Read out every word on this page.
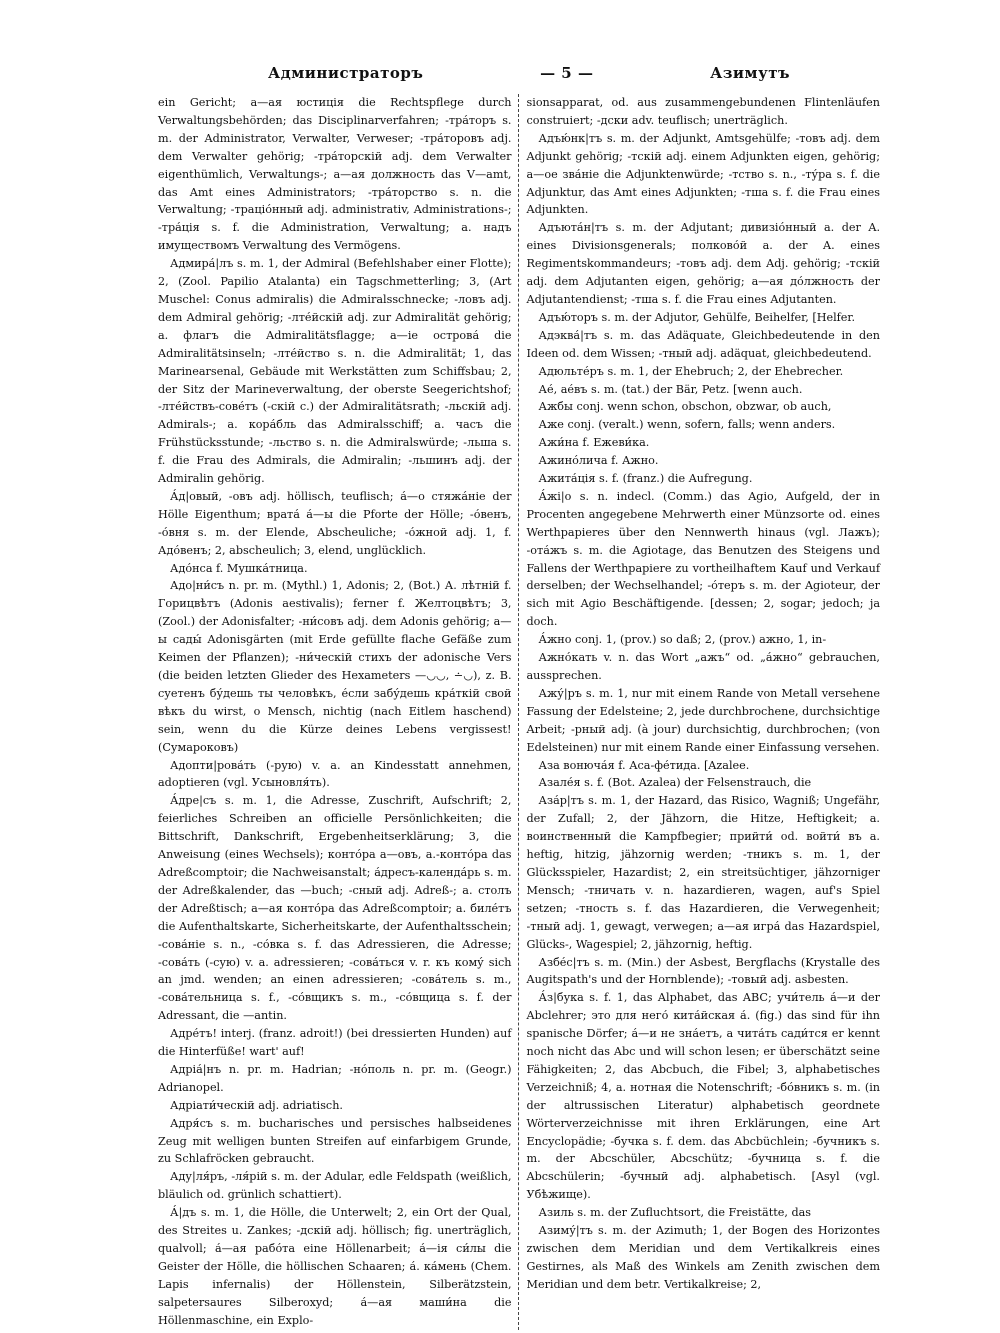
Администраторъ	— 5 —	Азимутъ
ein Gericht; а—ая юстиція die Rechtspflege durch Verwaltungsbehörden; das Disciplinarverfahren; -тра́торъ s. m. der Administrator, Verwalter, Verweser; -тра́торовъ adj. dem Verwalter gehörig; -тра́торскій adj. dem Verwalter eigenthümlich, Verwaltungs-; а—ая должность das V—amt, das Amt eines Administrators; -тра́торство s. n. die Verwaltung; -траціо́нный adj. administrativ, Administrations-; -тра́ція s. f. die Administration, Verwaltung; а. надъ имуществомъ Verwaltung des Vermögens.
Адмира́|лъ s. m. 1, der Admiral (Befehlshaber einer Flotte); 2, (Zool. Papilio Atalanta) ein Tagschmetterling; 3, (Art Muschel: Conus admiralis) die Admiralsschnecke; -ловъ adj. dem Admiral gehörig; -лте́йскій adj. zur Admiralität gehörig; а. флагъ die Admiralitätsflagge; а—іе острова́ die Admiralitätsinseln; -лте́йство s. n. die Admiralität; 1, das Marinearsenal, Gebäude mit Werkstätten zum Schiffsbau; 2, der Sitz der Marineverwaltung, der oberste Seegerichtshof; -лте́йствъ-сове́тъ (-скій с.) der Admiralitätsrath; -льскій adj. Admirals-; а. кора́бль das Admiralsschiff; а. часъ die Frühstücksstunde; -льство s. n. die Admiralswürde; -льша s. f. die Frau des Admirals, die Admiralin; -льшинъ adj. der Admiralin gehörig.
А́д|овый, -овъ adj. höllisch, teuflisch; а́—о стяжа́ніе der Hölle Eigenthum; врата́ а́—ы die Pforte der Hölle; -о́венъ, -о́вня s. m. der Elende, Abscheuliche; -о́жной adj. 1, f. Адо́венъ; 2, abscheulich; 3, elend, unglücklich.
Адо́нса f. Мушка́тница.
Адо|ни́съ n. pr. m. (Mythl.) 1, Adonis; 2, (Bot.) А. лѣтній f. Горицвѣтъ (Adonis aestivalis); ferner f. Желтоцвѣтъ; 3, (Zool.) der Adonisfalter; -ни́совъ adj. dem Adonis gehörig; а—ы сады́ Adonisgärten (mit Erde gefüllte flache Gefäße zum Keimen der Pflanzen); -ни́ческій стихъ der adonische Vers (die beiden letzten Glieder des Hexameters —◡◡, ∸◡), z. B. суетенъ бу́дешь ты человѣкъ, е́сли забу́дешь кра́ткій свой вѣкъ du wirst, o Mensch, nichtig (nach Eitlem haschend) sein, wenn du die Kürze deines Lebens vergissest! (Сумароковъ)
Адопти|рова́ть (-рую) v. a. an Kindesstatt annehmen, adoptieren (vgl. Усыновля́ть).
А́дре|съ s. m. 1, die Adresse, Zuschrift, Aufschrift; 2, feierliches Schreiben an officielle Persönlichkeiten; die Bittschrift, Dankschrift, Ergebenheitserklärung; 3, die Anweisung (eines Wechsels); конто́ра а—овъ, а.-конто́ра das Adreßcomptoir; die Nachweisanstalt; а́дресъ-календа́рь s. m. der Adreßkalender, das —buch; -сный adj. Adreß-; а. столъ der Adreßtisch; а—ая конто́ра das Adreßcomptoir; а. биле́тъ die Aufenthaltskarte, Sicherheitskarte, der Aufenthaltsschein; -сова́ніе s. n., -со́вка s. f. das Adressieren, die Adresse; -сова́ть (-сую) v. a. adressieren; -сова́ться v. r. къ кому́ sich an jmd. wenden; an einen adressieren; -сова́тель s. m., -сова́тельница s. f., -со́вщикъ s. m., -со́вщица s. f. der Adressant, die —antin.
Адре́тъ! interj. (franz. adroit!) (bei dressierten Hunden) auf die Hinterfüße! wart' auf!
Адріа́|нъ n. pr. m. Hadrian; -но́поль n. pr. m. (Geogr.) Adrianopel.
Адріати́ческій adj. adriatisch.
Адря́съ s. m. bucharisches und persisches halbseidenes Zeug mit welligen bunten Streifen auf einfarbigem Grunde, zu Schlafröcken gebraucht.
Аду|ля́ръ, -ля́рій s. m. der Adular, edle Feldspath (weißlich, bläulich od. grünlich schattiert).
А́|дъ s. m. 1, die Hölle, die Unterwelt; 2, ein Ort der Qual, des Streites u. Zankes; -дскій adj. höllisch; fig. unerträglich, qualvoll; а́—ая рабо́та eine Höllenarbeit; а́—ія си́лы die Geister der Hölle, die höllischen Schaaren; а́. ка́мень (Chem. Lapis infernalis) der Höllenstein, Silberätzstein, salpetersaures Silberoxyd; а́—ая маши́на die Höllenmaschine, ein Explo-
sionsapparat, od. aus zusammengebundenen Flintenläufen construiert; -дски adv. teuflisch; unerträglich.
Адъю́нк|тъ s. m. der Adjunkt, Amtsgehülfe; -товъ adj. dem Adjunkt gehörig; -тскій adj. einem Adjunkten eigen, gehörig; а—ое зва́ніе die Adjunktenwürde; -тство s. n., -ту́ра s. f. die Adjunktur, das Amt eines Adjunkten; -тша s. f. die Frau eines Adjunkten.
Адъюта́н|тъ s. m. der Adjutant; дивизіо́нный а. der A. eines Divisionsgenerals; полково́й а. der A. eines Regimentskommandeurs; -товъ adj. dem Adj. gehörig; -тскій adj. dem Adjutanten eigen, gehörig; а—ая до́лжность der Adjutantendienst; -тша s. f. die Frau eines Adjutanten.
Адъю́торъ s. m. der Adjutor, Gehülfe, Beihelfer, [Helfer.
Адэква́|тъ s. m. das Adäquate, Gleichbedeutende in den Ideen od. dem Wissen; -тный adj. adäquat, gleichbedeutend.
Адюльте́ръ s. m. 1, der Ehebruch; 2, der Ehebrecher.
Ае́, ае́въ s. m. (tat.) der Bär, Petz. [wenn auch.
Ажбы conj. wenn schon, obschon, obzwar, ob auch,
Аже conj. (veralt.) wenn, sofern, falls; wenn anders.
Ажи́на f. Ежеви́ка.
Ажино́лича f. Ажно.
Ажита́ція s. f. (franz.) die Aufregung.
А́жі|о s. n. indecl. (Comm.) das Agio, Aufgeld, der in Procenten angegebene Mehrwerth einer Münzsorte od. eines Werthpapieres über den Nennwerth hinaus (vgl. Лажъ); -ота́жъ s. m. die Agiotage, das Benutzen des Steigens und Fallens der Werthpapiere zu vortheilhaftem Kauf und Verkauf derselben; der Wechselhandel; -о́теръ s. m. der Agioteur, der sich mit Agio Beschäftigende. [dessen; 2, sogar; jedoch; ja doch.
А́жно conj. 1, (prov.) so daß; 2, (prov.) ажно, 1, in-
Ажно́кать v. n. das Wort „ажъ“ od. „а́жно“ gebrauchen, aussprechen.
Ажу́|ръ s. m. 1, nur mit einem Rande von Metall versehene Fassung der Edelsteine; 2, jede durchbrochene, durchsichtige Arbeit; -рный adj. (à jour) durchsichtig, durchbrochen; (von Edelsteinen) nur mit einem Rande einer Einfassung versehen.
Аза вонюча́я f. Аса-фе́тида. [Azalee.
Азале́я s. f. (Bot. Azalea) der Felsenstrauch, die
Аза́р|тъ s. m. 1, der Hazard, das Risico, Wagniß; Ungefähr, der Zufall; 2, der Jähzorn, die Hitze, Heftigkeit; а. воинственный die Kampfbegier; прийти́ od. войти́ въ а. heftig, hitzig, jähzornig werden; -тникъ s. m. 1, der Glücksspieler, Hazardist; 2, ein streitsüchtiger, jähzorniger Mensch; -тничать v. n. hazardieren, wagen, auf's Spiel setzen; -тность s. f. das Hazardieren, die Verwegenheit; -тный adj. 1, gewagt, verwegen; а—ая игра́ das Hazardspiel, Glücks-, Wagespiel; 2, jähzornig, heftig.
Азбе́с|тъ s. m. (Min.) der Asbest, Bergflachs (Krystalle des Augitspath's und der Hornblende); -товый adj. asbesten.
А́з|бука s. f. 1, das Alphabet, das ABC; учи́тель а́—и der Abclehrer; это для него́ кита́йская а́. (fig.) das sind für ihn spanische Dörfer; а́—и не зна́етъ, а чита́ть сади́тся er kennt noch nicht das Abc und will schon lesen; er überschätzt seine Fähigkeiten; 2, das Abcbuch, die Fibel; 3, alphabetisches Verzeichniß; 4, а. нотная die Notenschrift; -бо́вникъ s. m. (in der altrussischen Literatur) alphabetisch geordnete Wörterverzeichnisse mit ihren Erklärungen, eine Art Encyclopädie; -бучка s. f. dem. das Abcbüchlein; -бучникъ s. m. der Abcschüler, Abcschütz; -бучница s. f. die Abcschülerin; -бучный adj. alphabetisch. [Asyl (vgl. Убѣжище).
Азиль s. m. der Zufluchtsort, die Freistätte, das
Азиму́|тъ s. m. der Azimuth; 1, der Bogen des Horizontes zwischen dem Meridian und dem Vertikalkreis eines Gestirnes, als Maß des Winkels am Zenith zwischen dem Meridian und dem betr. Vertikalkreise; 2,
